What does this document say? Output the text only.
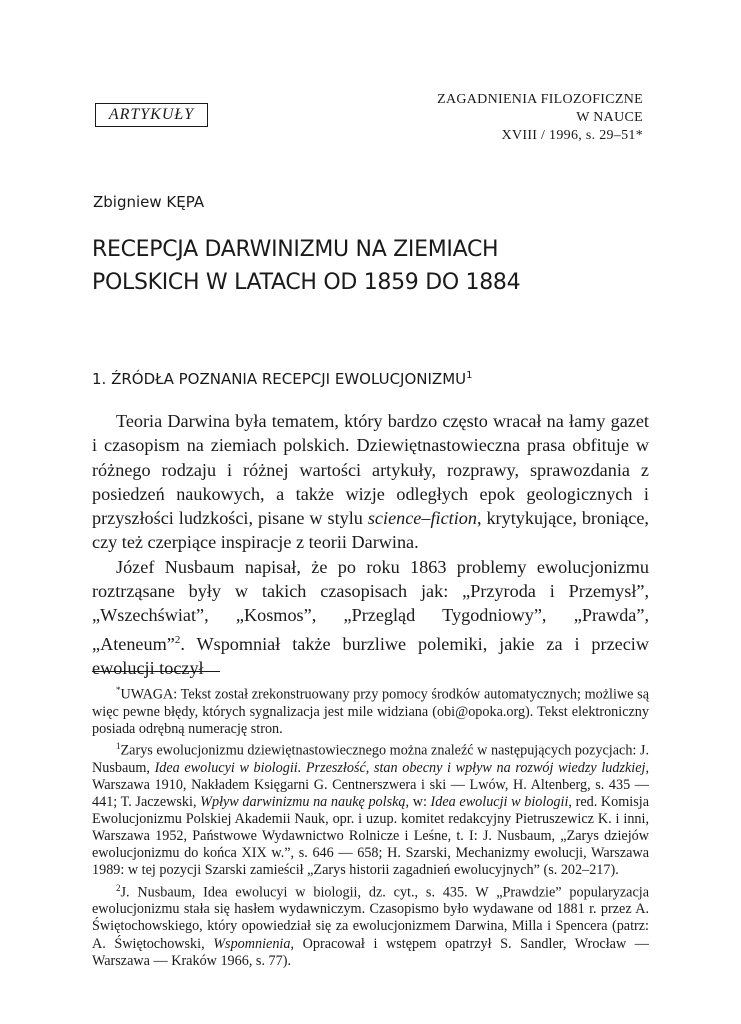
ARTYKUŁY
ZAGADNIENIA FILOZOFICZNE
W NAUCE
XVIII / 1996, s. 29–51*
Zbigniew KĘPA
RECEPCJA DARWINIZMU NA ZIEMIACH
POLSKICH W LATACH OD 1859 DO 1884
1. ŹRÓDŁA POZNANIA RECEPCJI EWOLUCJONIZMU$^1$

Teoria Darwina była tematem, który bardzo często wracał na łamy gazet i czasopism na ziemiach polskich. Dziewiętnastowieczna prasa obfituje w różnego rodzaju i różnej wartości artykuły, rozprawy, sprawozdania z posiedzeń naukowych, a także wizje odległych epok geologicznych i przyszłości ludzkości, pisane w stylu science–fiction, krytykujące, broniące, czy też czerpiące inspiracje z teorii Darwina.

Józef Nusbaum napisał, że po roku 1863 problemy ewolucjonizmu roztrząsane były w takich czasopisach jak: „Przyroda i Przemysł”, „Wszechświat”, „Kosmos”, „Przegląd Tygodniowy”, „Prawda”, „Ateneum”$^2$. Wspomniał także burzliwe polemiki, jakie za i przeciw ewolucji toczył

*UWAGA: Tekst został zrekonstruowany przy pomocy środków automatycznych; możliwe są więc pewne błędy, których sygnalizacja jest mile widziana (obi@opoka.org). Tekst elektroniczny posiada odrębną numerację stron.

$^1$Zarys ewolucjonizmu dziewiętnastowiecznego można znaleźć w następujących pozycjach: J. Nusbaum, Idea ewolucyi w biologii. Przeszłość, stan obecny i wpływ na rozwój wiedzy ludzkiej, Warszawa 1910, Nakładem Księgarni G. Centnerszwera i ski — Lwów, H. Altenberg, s. 435 — 441; T. Jaczewski, Wpływ darwinizmu na naukę polską, w: Idea ewolucji w biologii, red. Komisja Ewolucjonizmu Polskiej Akademii Nauk, opr. i uzup. komitet redakcyjny Pietruszewicz K. i inni, Warszawa 1952, Państwowe Wydawnictwo Rolnicze i Leśne, t. I: J. Nusbaum, „Zarys dziejów ewolucjonizmu do końca XIX w.”, s. 646 — 658; H. Szarski, Mechanizmy ewolucji, Warszawa 1989: w tej pozycji Szarski zamieścił „Zarys historii zagadnień ewolucyjnych” (s. 202–217).

$^2$J. Nusbaum, Idea ewolucyi w biologii, dz. cyt., s. 435. W „Prawdzie” popularyzacja ewolucjonizmu stała się hasłem wydawniczym. Czasopismo było wydawane od 1881 r. przez A. Świętochowskiego, który opowiedział się za ewolucjonizmem Darwina, Milla i Spencera (patrz: A. Świętochowski, Wspomnienia, Opracował i wstępem opatrzył S. Sandler, Wrocław — Warszawa — Kraków 1966, s. 77).
